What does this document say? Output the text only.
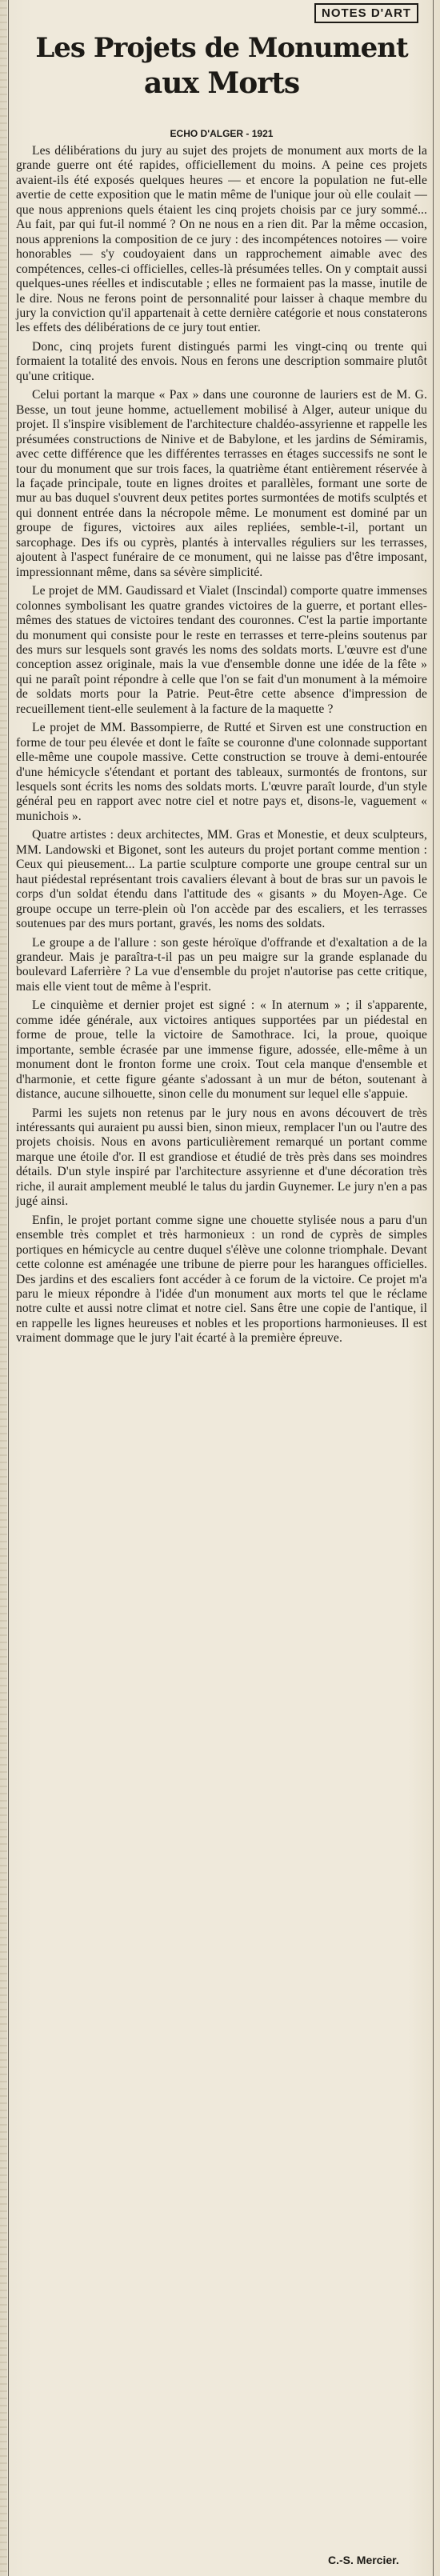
NOTES D'ART
Les Projets de Monument
aux Morts
ECHO D'ALGER - 1921

Les délibérations du jury au sujet des projets de monument aux morts de la grande guerre ont été rapides, officiellement du moins. A peine ces projets avaient-ils été exposés quelques heures — et encore la population ne fut-elle avertie de cette exposition que le matin même de l'unique jour où elle coulait — que nous apprenions quels étaient les cinq projets choisis par ce jury sommé... Au fait, par qui fut-il nommé ? On ne nous en a rien dit. Par la même occasion, nous apprenions la composition de ce jury : des incompétences notoires — voire honorables — s'y coudoyaient dans un rapprochement aimable avec des compétences, celles-ci officielles, celles-là présumées telles. On y comptait aussi quelques-unes réelles et indiscutable ; elles ne formaient pas la masse, inutile de le dire. Nous ne ferons point de personnalité pour laisser à chaque membre du jury la conviction qu'il appartenait à cette dernière catégorie et nous constaterons les effets des délibérations de ce jury tout entier.

Donc, cinq projets furent distingués parmi les vingt-cinq ou trente qui formaient la totalité des envois. Nous en ferons une description sommaire plutôt qu'une critique.

Celui portant la marque « Pax » dans une couronne de lauriers est de M. G. Besse, un tout jeune homme, actuellement mobilisé à Alger, auteur unique du projet. Il s'inspire visiblement de l'architecture chaldéo-assyrienne et rappelle les présumées constructions de Ninive et de Babylone, et les jardins de Sémiramis, avec cette différence que les différentes terrasses en étages successifs ne sont le tour du monument que sur trois faces, la quatrième étant entièrement réservée à la façade principale, toute en lignes droites et parallèles, formant une sorte de mur au bas duquel s'ouvrent deux petites portes surmontées de motifs sculptés et qui donnent entrée dans la nécropole même. Le monument est dominé par un groupe de figures, victoires aux ailes repliées, semble-t-il, portant un sarcophage. Des ifs ou cyprès, plantés à intervalles réguliers sur les terrasses, ajoutent à l'aspect funéraire de ce monument, qui ne laisse pas d'être imposant, impressionnant même, dans sa sévère simplicité.

Le projet de MM. Gaudissard et Vialet (Inscindal) comporte quatre immenses colonnes symbolisant les quatre grandes victoires de la guerre, et portant elles-mêmes des statues de victoires tendant des couronnes. C'est la partie importante du monument qui consiste pour le reste en terrasses et terre-pleins soutenus par des murs sur lesquels sont gravés les noms des soldats morts. L'œuvre est d'une conception assez originale, mais la vue d'ensemble donne une idée de la fête » qui ne paraît point répondre à celle que l'on se fait d'un monument à la mémoire de soldats morts pour la Patrie. Peut-être cette absence d'impression de recueillement tient-elle seulement à la facture de la maquette ?

Le projet de MM. Bassompierre, de Rutté et Sirven est une construction en forme de tour peu élevée et dont le faîte se couronne d'une colonnade supportant elle-même une coupole massive. Cette construction se trouve à demi-entourée d'une hémicycle s'étendant et portant des tableaux, surmontés de frontons, sur lesquels sont écrits les noms des soldats morts. L'œuvre paraît lourde, d'un style général peu en rapport avec notre ciel et notre pays et, disons-le, vaguement « munichois ».

Quatre artistes : deux architectes, MM. Gras et Monestie, et deux sculpteurs, MM. Landowski et Bigonet, sont les auteurs du projet portant comme mention : Ceux qui pieusement... La partie sculpture comporte une groupe central sur un haut piédestal représentant trois cavaliers élevant à bout de bras sur un pavois le corps d'un soldat étendu dans l'attitude des « gisants » du Moyen-Age. Ce groupe occupe un terre-plein où l'on accède par des escaliers, et les terrasses soutenues par des murs portant, gravés, les noms des soldats.

Le groupe a de l'allure : son geste héroïque d'offrande et d'exaltation a de la grandeur. Mais je paraîtra-t-il pas un peu maigre sur la grande esplanade du boulevard Laferrière ? La vue d'ensemble du projet n'autorise pas cette critique, mais elle vient tout de même à l'esprit.

Le cinquième et dernier projet est signé : « In aternum » ; il s'apparente, comme idée générale, aux victoires antiques supportées par un piédestal en forme de proue, telle la victoire de Samothrace. Ici, la proue, quoique importante, semble écrasée par une immense figure, adossée, elle-même à un monument dont le fronton forme une croix. Tout cela manque d'ensemble et d'harmonie, et cette figure géante s'adossant à un mur de béton, soutenant à distance, aucune silhouette, sinon celle du monument sur lequel elle s'appuie.

Parmi les sujets non retenus par le jury nous en avons découvert de très intéressants qui auraient pu aussi bien, sinon mieux, remplacer l'un ou l'autre des projets choisis. Nous en avons particulièrement remarqué un portant comme marque une étoile d'or. Il est grandiose et étudié de très près dans ses moindres détails. D'un style inspiré par l'architecture assyrienne et d'une décoration très riche, il aurait amplement meublé le talus du jardin Guynemer. Le jury n'en a pas jugé ainsi.

Enfin, le projet portant comme signe une chouette stylisée nous a paru d'un ensemble très complet et très harmonieux : un rond de cyprès de simples portiques en hémicycle au centre duquel s'élève une colonne triomphale. Devant cette colonne est aménagée une tribune de pierre pour les harangues officielles. Des jardins et des escaliers font accéder à ce forum de la victoire. Ce projet m'a paru le mieux répondre à l'idée d'un monument aux morts tel que le réclame notre culte et aussi notre climat et notre ciel. Sans être une copie de l'antique, il en rappelle les lignes heureuses et nobles et les proportions harmonieuses. Il est vraiment dommage que le jury l'ait écarté à la première épreuve.

C.-S. Mercier.
